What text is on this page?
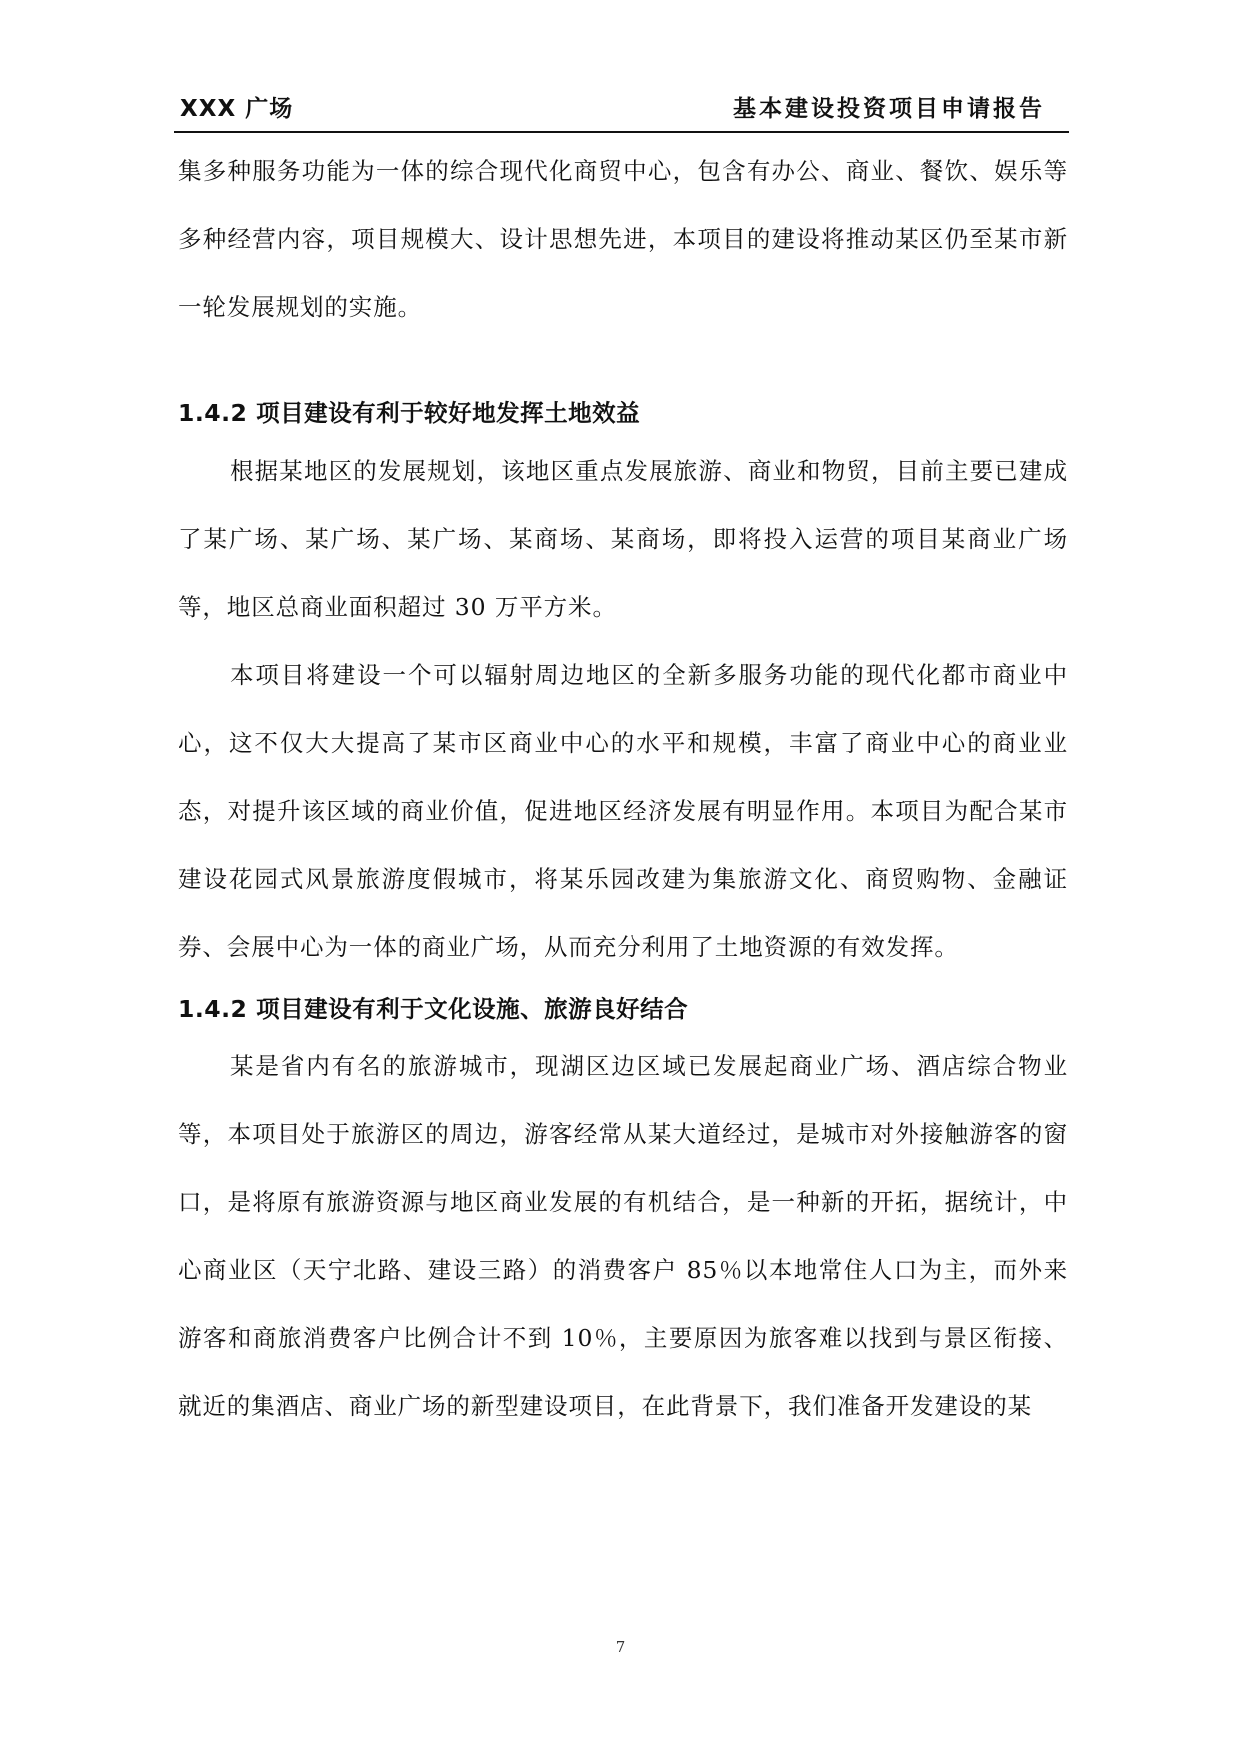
XXX 广场	基本建设投资项目申请报告

集多种服务功能为一体的综合现代化商贸中心，包含有办公、商业、餐饮、娱乐等多种经营内容，项目规模大、设计思想先进，本项目的建设将推动某区仍至某市新一轮发展规划的实施。

1.4.2 项目建设有利于较好地发挥土地效益

根据某地区的发展规划，该地区重点发展旅游、商业和物贸，目前主要已建成了某广场、某广场、某广场、某商场、某商场，即将投入运营的项目某商业广场等，地区总商业面积超过 30 万平方米。

本项目将建设一个可以辐射周边地区的全新多服务功能的现代化都市商业中心，这不仅大大提高了某市区商业中心的水平和规模，丰富了商业中心的商业业态，对提升该区域的商业价值，促进地区经济发展有明显作用。本项目为配合某市建设花园式风景旅游度假城市，将某乐园改建为集旅游文化、商贸购物、金融证券、会展中心为一体的商业广场，从而充分利用了土地资源的有效发挥。

1.4.2 项目建设有利于文化设施、旅游良好结合

某是省内有名的旅游城市，现湖区边区域已发展起商业广场、酒店综合物业等，本项目处于旅游区的周边，游客经常从某大道经过，是城市对外接触游客的窗口，是将原有旅游资源与地区商业发展的有机结合，是一种新的开拓，据统计，中心商业区（天宁北路、建设三路）的消费客户 85％以本地常住人口为主，而外来游客和商旅消费客户比例合计不到 10％，主要原因为旅客难以找到与景区衔接、就近的集酒店、商业广场的新型建设项目，在此背景下，我们准备开发建设的某

7
